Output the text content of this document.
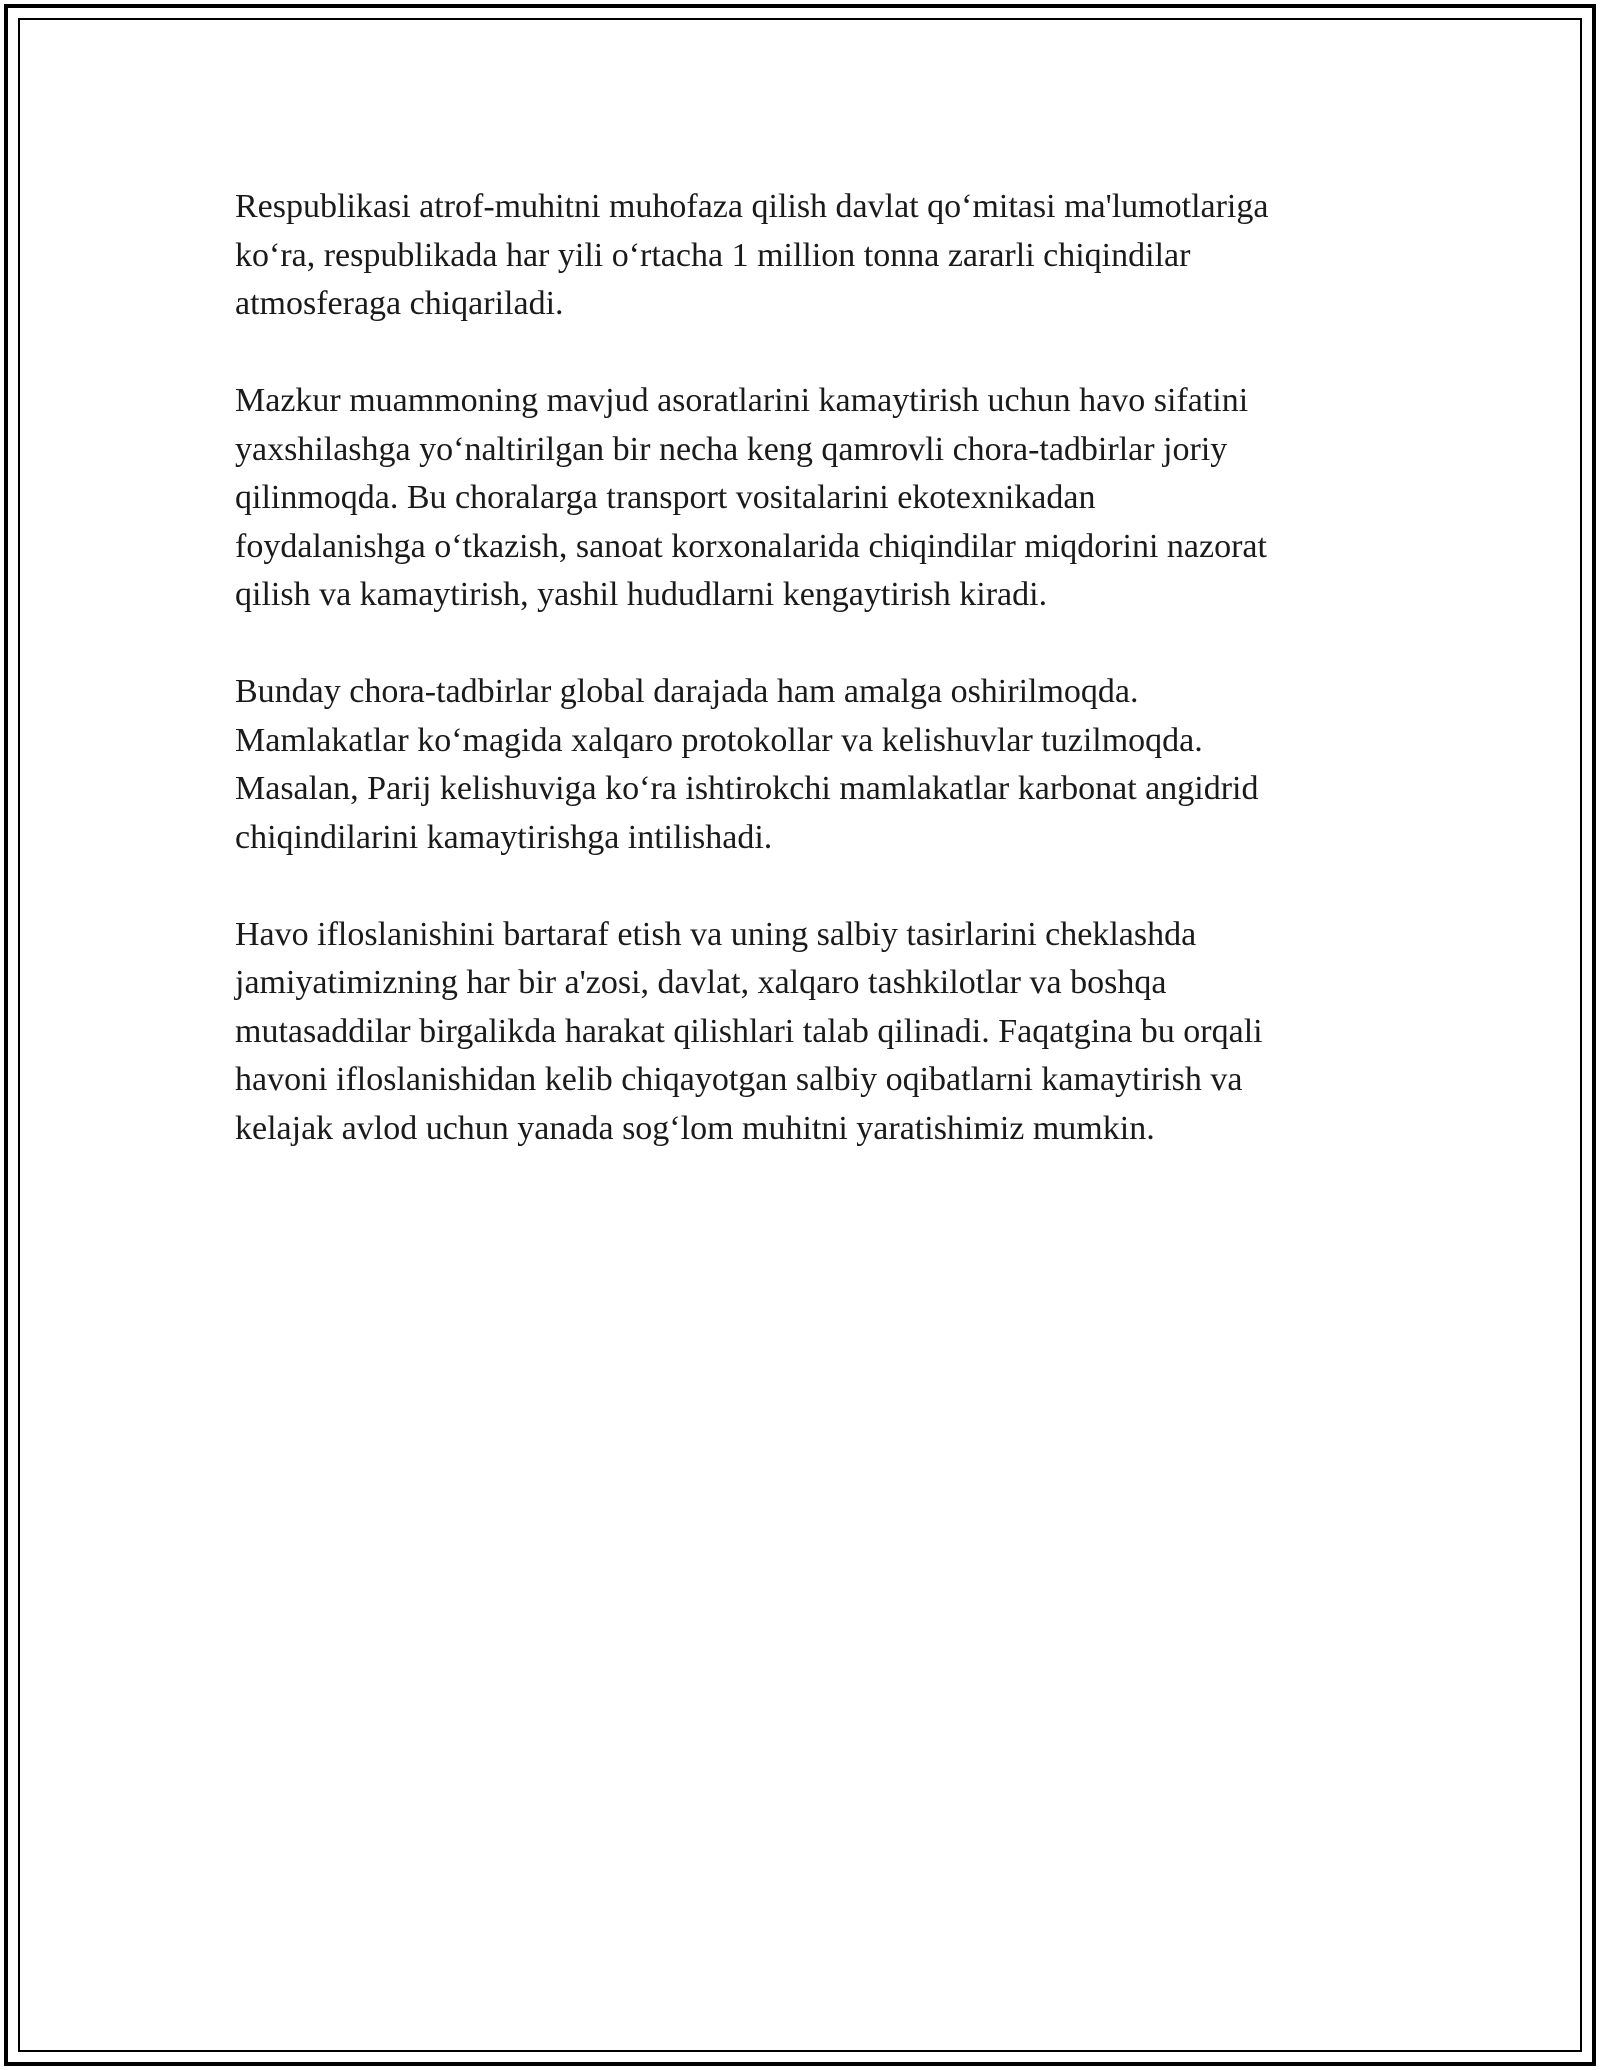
Respublikasi atrof-muhitni muhofaza qilish davlat qo‘mitasi ma'lumotlariga
ko‘ra, respublikada har yili o‘rtacha 1 million tonna zararli chiqindilar
atmosferaga chiqariladi.

Mazkur muammoning mavjud asoratlarini kamaytirish uchun havo sifatini
yaxshilashga yo‘naltirilgan bir necha keng qamrovli chora-tadbirlar joriy
qilinmoqda. Bu choralarga transport vositalarini ekotexnikadan
foydalanishga o‘tkazish, sanoat korxonalarida chiqindilar miqdorini nazorat
qilish va kamaytirish, yashil hududlarni kengaytirish kiradi.

Bunday chora-tadbirlar global darajada ham amalga oshirilmoqda.
Mamlakatlar ko‘magida xalqaro protokollar va kelishuvlar tuzilmoqda.
Masalan, Parij kelishuviga ko‘ra ishtirokchi mamlakatlar karbonat angidrid
chiqindilarini kamaytirishga intilishadi.

Havo ifloslanishini bartaraf etish va uning salbiy tasirlarini cheklashda
jamiyatimizning har bir a'zosi, davlat, xalqaro tashkilotlar va boshqa
mutasaddilar birgalikda harakat qilishlari talab qilinadi. Faqatgina bu orqali
havoni ifloslanishidan kelib chiqayotgan salbiy oqibatlarni kamaytirish va
kelajak avlod uchun yanada sog‘lom muhitni yaratishimiz mumkin.
